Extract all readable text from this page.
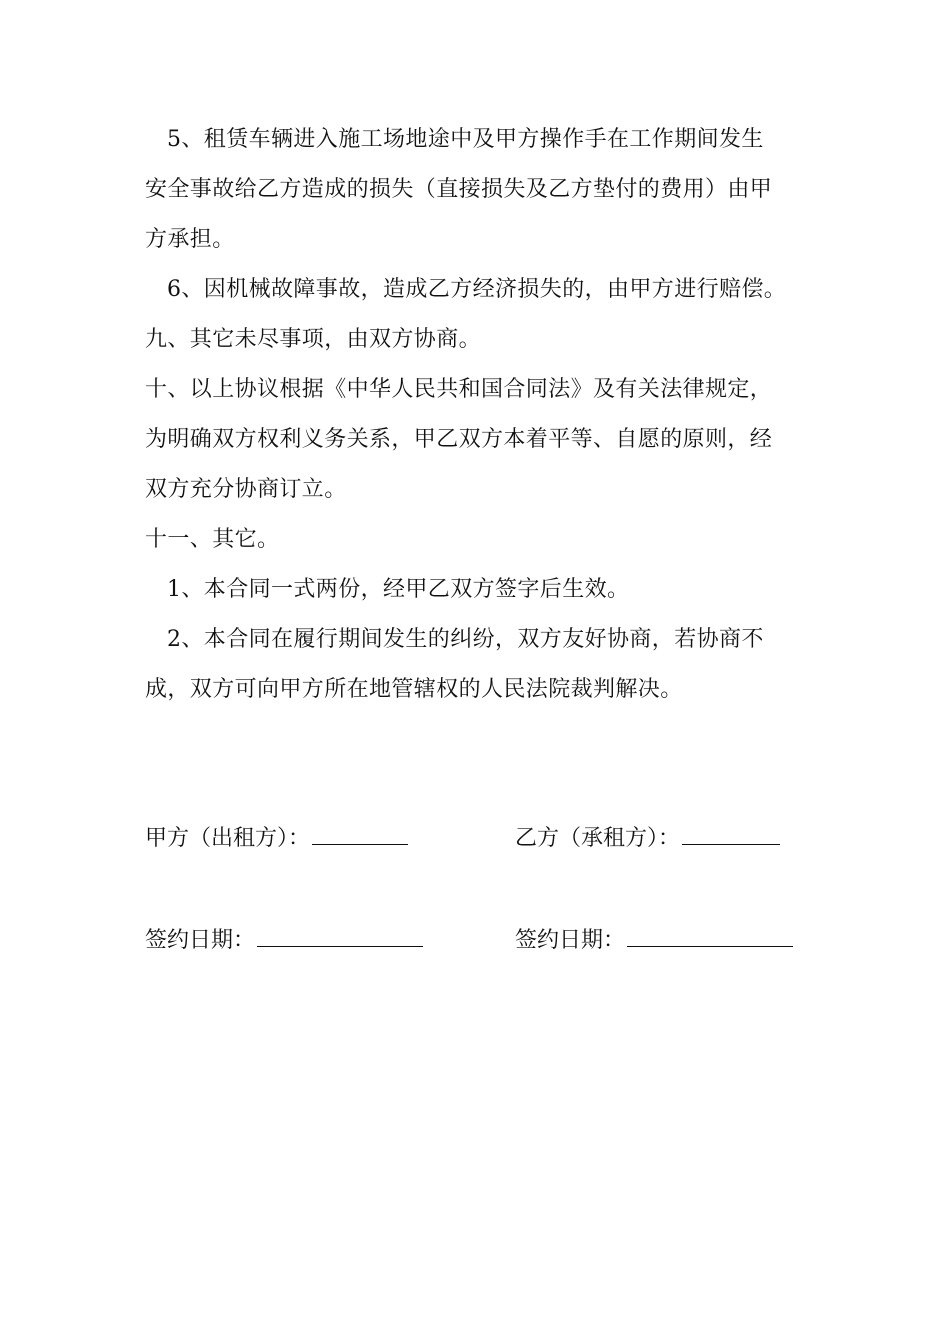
5、租赁车辆进入施工场地途中及甲方操作手在工作期间发生
安全事故给乙方造成的损失（直接损失及乙方垫付的费用）由甲
方承担。
6、因机械故障事故，造成乙方经济损失的，由甲方进行赔偿。
九、其它未尽事项，由双方协商。
十、以上协议根据《中华人民共和国合同法》及有关法律规定，
为明确双方权利义务关系，甲乙双方本着平等、自愿的原则，经
双方充分协商订立。
十一、其它。
1、本合同一式两份，经甲乙双方签字后生效。
2、本合同在履行期间发生的纠纷，双方友好协商，若协商不
成，双方可向甲方所在地管辖权的人民法院裁判解决。
甲方（出租方）：	乙方（承租方）：
签约日期：	签约日期：
